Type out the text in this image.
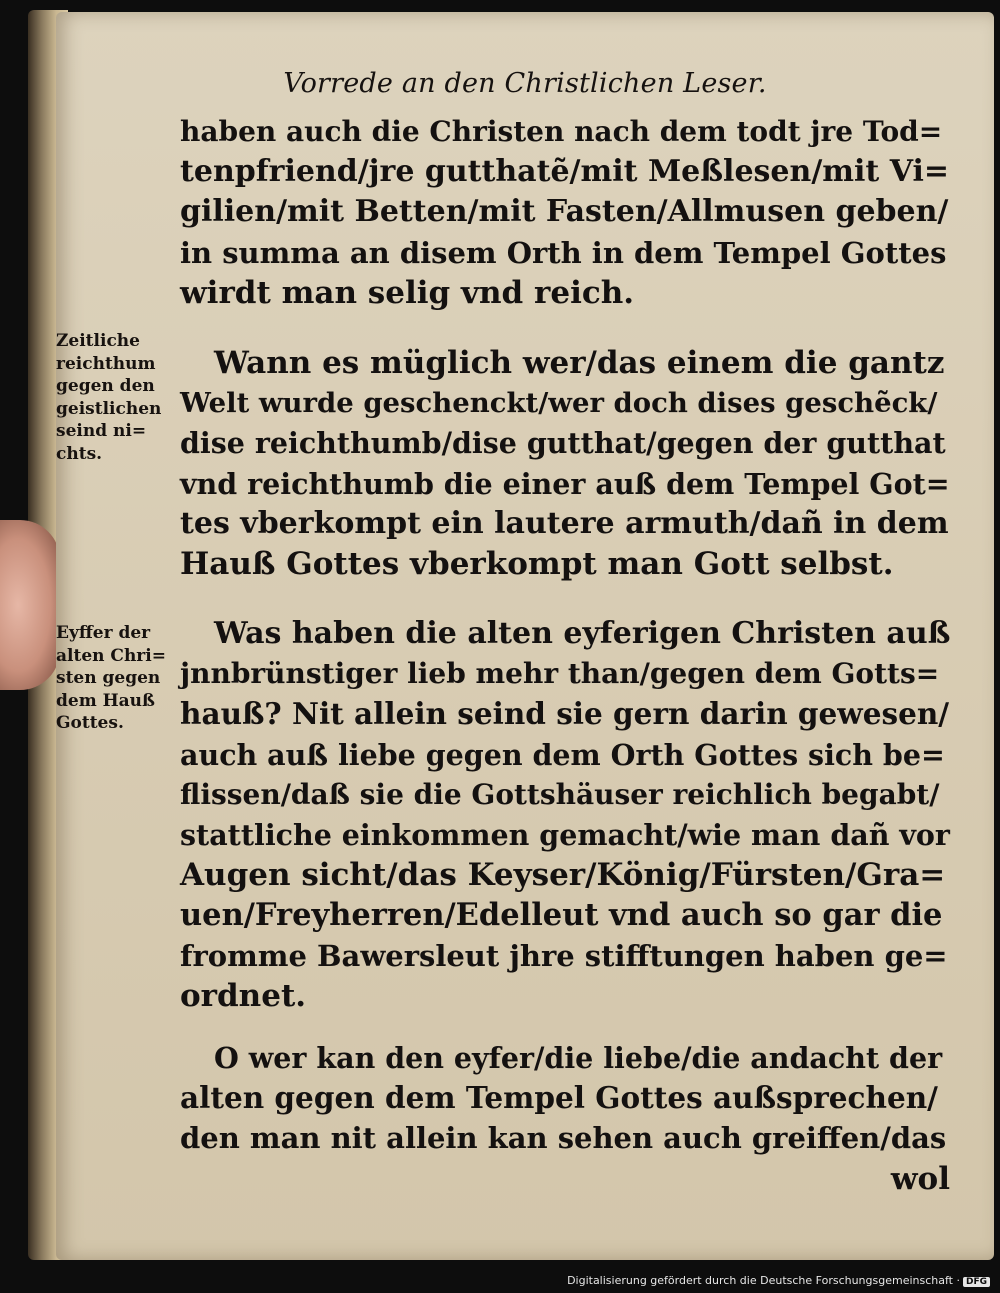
Vorrede an den Christlichen Leser.
Zeitliche
reichthum
gegen den
geistlichen
seind ni=
chts.
Eyffer der
alten Chri=
sten gegen
dem Hauß
Gottes.
haben auch die Christen nach dem todt jre Tod=
tenpfriend/jre gutthatẽ/mit Meßlesen/mit Vi=
gilien/mit Betten/mit Fasten/Allmusen geben/
in summa an disem Orth in dem Tempel Gottes
wirdt man selig vnd reich.
Wann es müglich wer/das einem die gantz
Welt wurde geschenckt/wer doch dises geschẽck/
dise reichthumb/dise gutthat/gegen der gutthat
vnd reichthumb die einer auß dem Tempel Got=
tes vberkompt ein lautere armuth/dañ in dem
Hauß Gottes vberkompt man Gott selbst.
Was haben die alten eyferigen Christen auß
jnnbrünstiger lieb mehr than/gegen dem Gotts=
hauß? Nit allein seind sie gern darin gewesen/
auch auß liebe gegen dem Orth Gottes sich be=
flissen/daß sie die Gottshäuser reichlich begabt/
stattliche einkommen gemacht/wie man dañ vor
Augen sicht/das Keyser/König/Fürsten/Gra=
uen/Freyherren/Edelleut vnd auch so gar die
fromme Bawersleut jhre stifftungen haben ge=
ordnet.
O wer kan den eyfer/die liebe/die andacht der
alten gegen dem Tempel Gottes außsprechen/
den man nit allein kan sehen auch greiffen/das
wol
Digitalisierung gefördert durch die Deutsche Forschungsgemeinschaft · DFG
